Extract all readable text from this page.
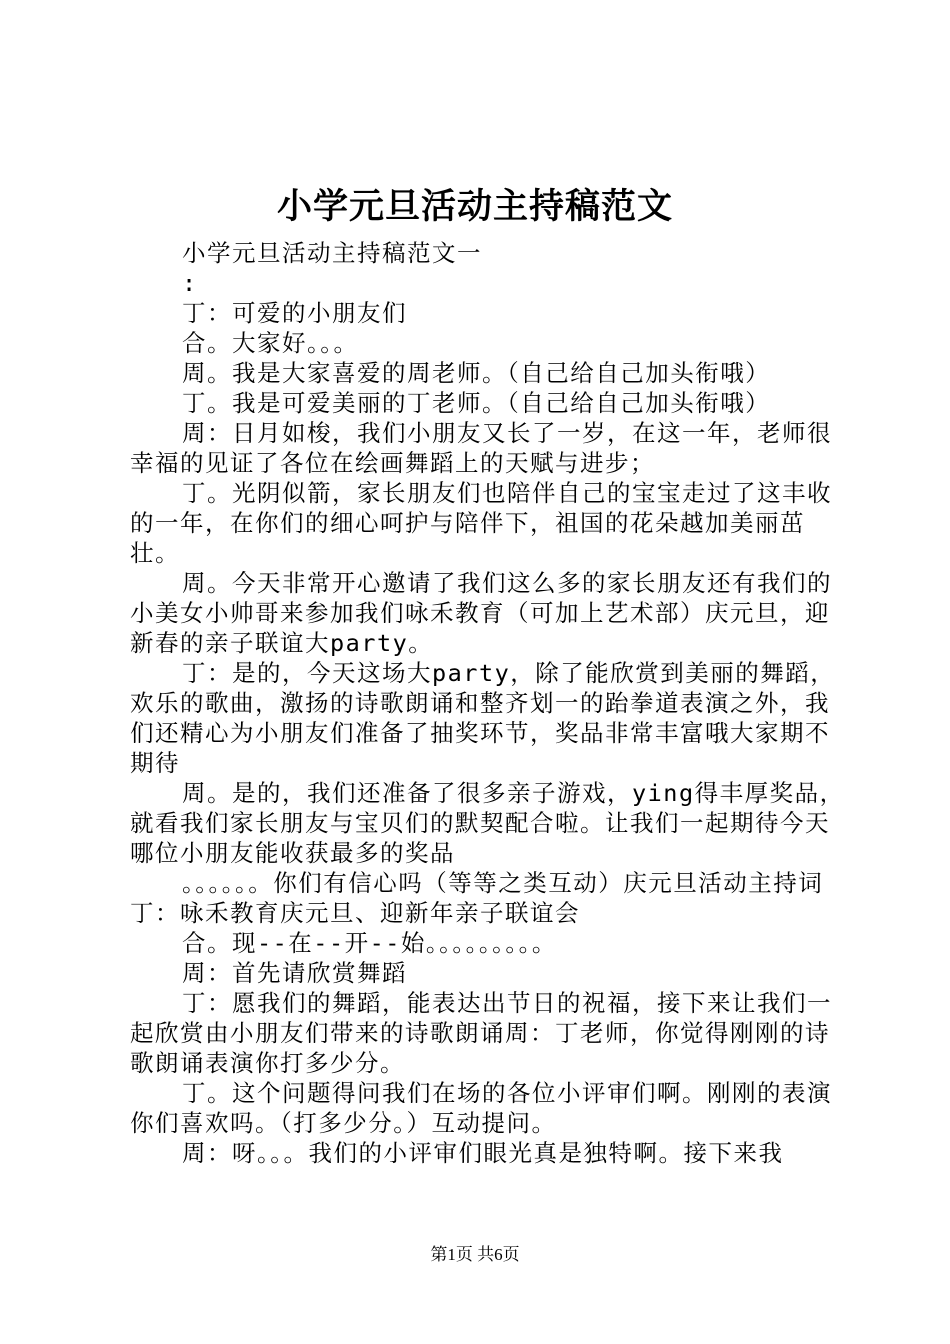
小学元旦活动主持稿范文

小学元旦活动主持稿范文一

:

丁：可爱的小朋友们

合。大家好。。。

周。我是大家喜爱的周老师。（自己给自己加头衔哦）

丁。我是可爱美丽的丁老师。（自己给自己加头衔哦）

周：日月如梭，我们小朋友又长了一岁，在这一年，老师很幸福的见证了各位在绘画舞蹈上的天赋与进步；

丁。光阴似箭，家长朋友们也陪伴自己的宝宝走过了这丰收的一年，在你们的细心呵护与陪伴下，祖国的花朵越加美丽茁壮。

周。今天非常开心邀请了我们这么多的家长朋友还有我们的小美女小帅哥来参加我们咏禾教育（可加上艺术部）庆元旦，迎新春的亲子联谊大party。

丁：是的，今天这场大party，除了能欣赏到美丽的舞蹈，欢乐的歌曲，激扬的诗歌朗诵和整齐划一的跆拳道表演之外，我们还精心为小朋友们准备了抽奖环节，奖品非常丰富哦大家期不期待

周。是的，我们还准备了很多亲子游戏，ying得丰厚奖品，就看我们家长朋友与宝贝们的默契配合啦。让我们一起期待今天哪位小朋友能收获最多的奖品

。。。。。。你们有信心吗（等等之类互动）庆元旦活动主持词丁：咏禾教育庆元旦、迎新年亲子联谊会

合。现--在--开--始。。。。。。。。。

周：首先请欣赏舞蹈

丁：愿我们的舞蹈，能表达出节日的祝福，接下来让我们一起欣赏由小朋友们带来的诗歌朗诵周：丁老师，你觉得刚刚的诗歌朗诵表演你打多少分。

丁。这个问题得问我们在场的各位小评审们啊。刚刚的表演你们喜欢吗。（打多少分。）互动提问。

周：呀。。。我们的小评审们眼光真是独特啊。接下来我

第1页 共6页
